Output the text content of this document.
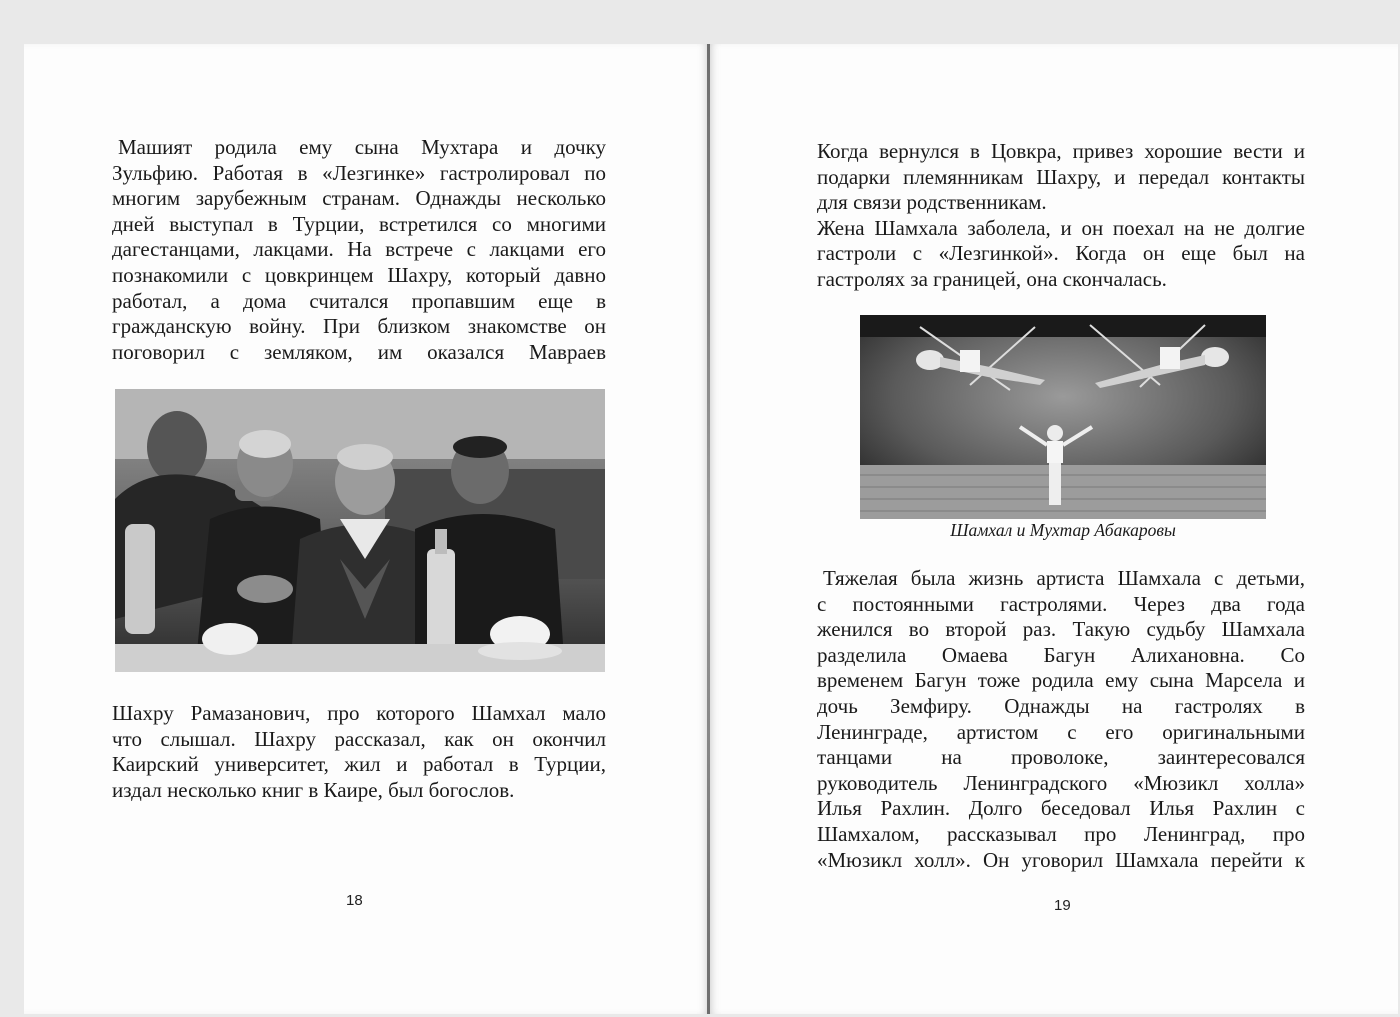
Машият родила ему сына Мухтара и дочку
Зульфию. Работая в «Лезгинке» гастролировал по
многим зарубежным странам. Однажды несколько
дней выступал в Турции, встретился со многими
дагестанцами, лакцами. На встрече с лакцами его
познакомили с цовкринцем Шахру, который давно
работал, а дома считался пропавшим еще в
гражданскую войну. При близком знакомстве он
поговорил с земляком, им оказался Мавраев
Шахру Рамазанович, про которого Шамхал мало
что слышал. Шахру рассказал, как он окончил
Каирский университет, жил и работал в Турции,
издал несколько книг в Каире, был богослов.
18
Когда вернулся в Цовкра, привез хорошие вести и
подарки племянникам Шахру, и передал контакты
для связи родственникам.
Жена Шамхала заболела, и он поехал на не долгие
гастроли с «Лезгинкой». Когда он еще был на
гастролях за границей, она скончалась.
Шамхал и Мухтар Абакаровы
Тяжелая была жизнь артиста Шамхала с детьми,
с постоянными гастролями. Через два года
женился во второй раз. Такую судьбу Шамхала
разделила Омаева Багун Алихановна. Со
временем Багун тоже родила ему сына Марсела и
дочь Земфиру. Однажды на гастролях в
Ленинграде, артистом с его оригинальными
танцами на проволоке, заинтересовался
руководитель Ленинградского «Мюзикл холла»
Илья Рахлин. Долго беседовал Илья Рахлин с
Шамхалом, рассказывал про Ленинград, про
«Мюзикл холл». Он уговорил Шамхала перейти к
19
